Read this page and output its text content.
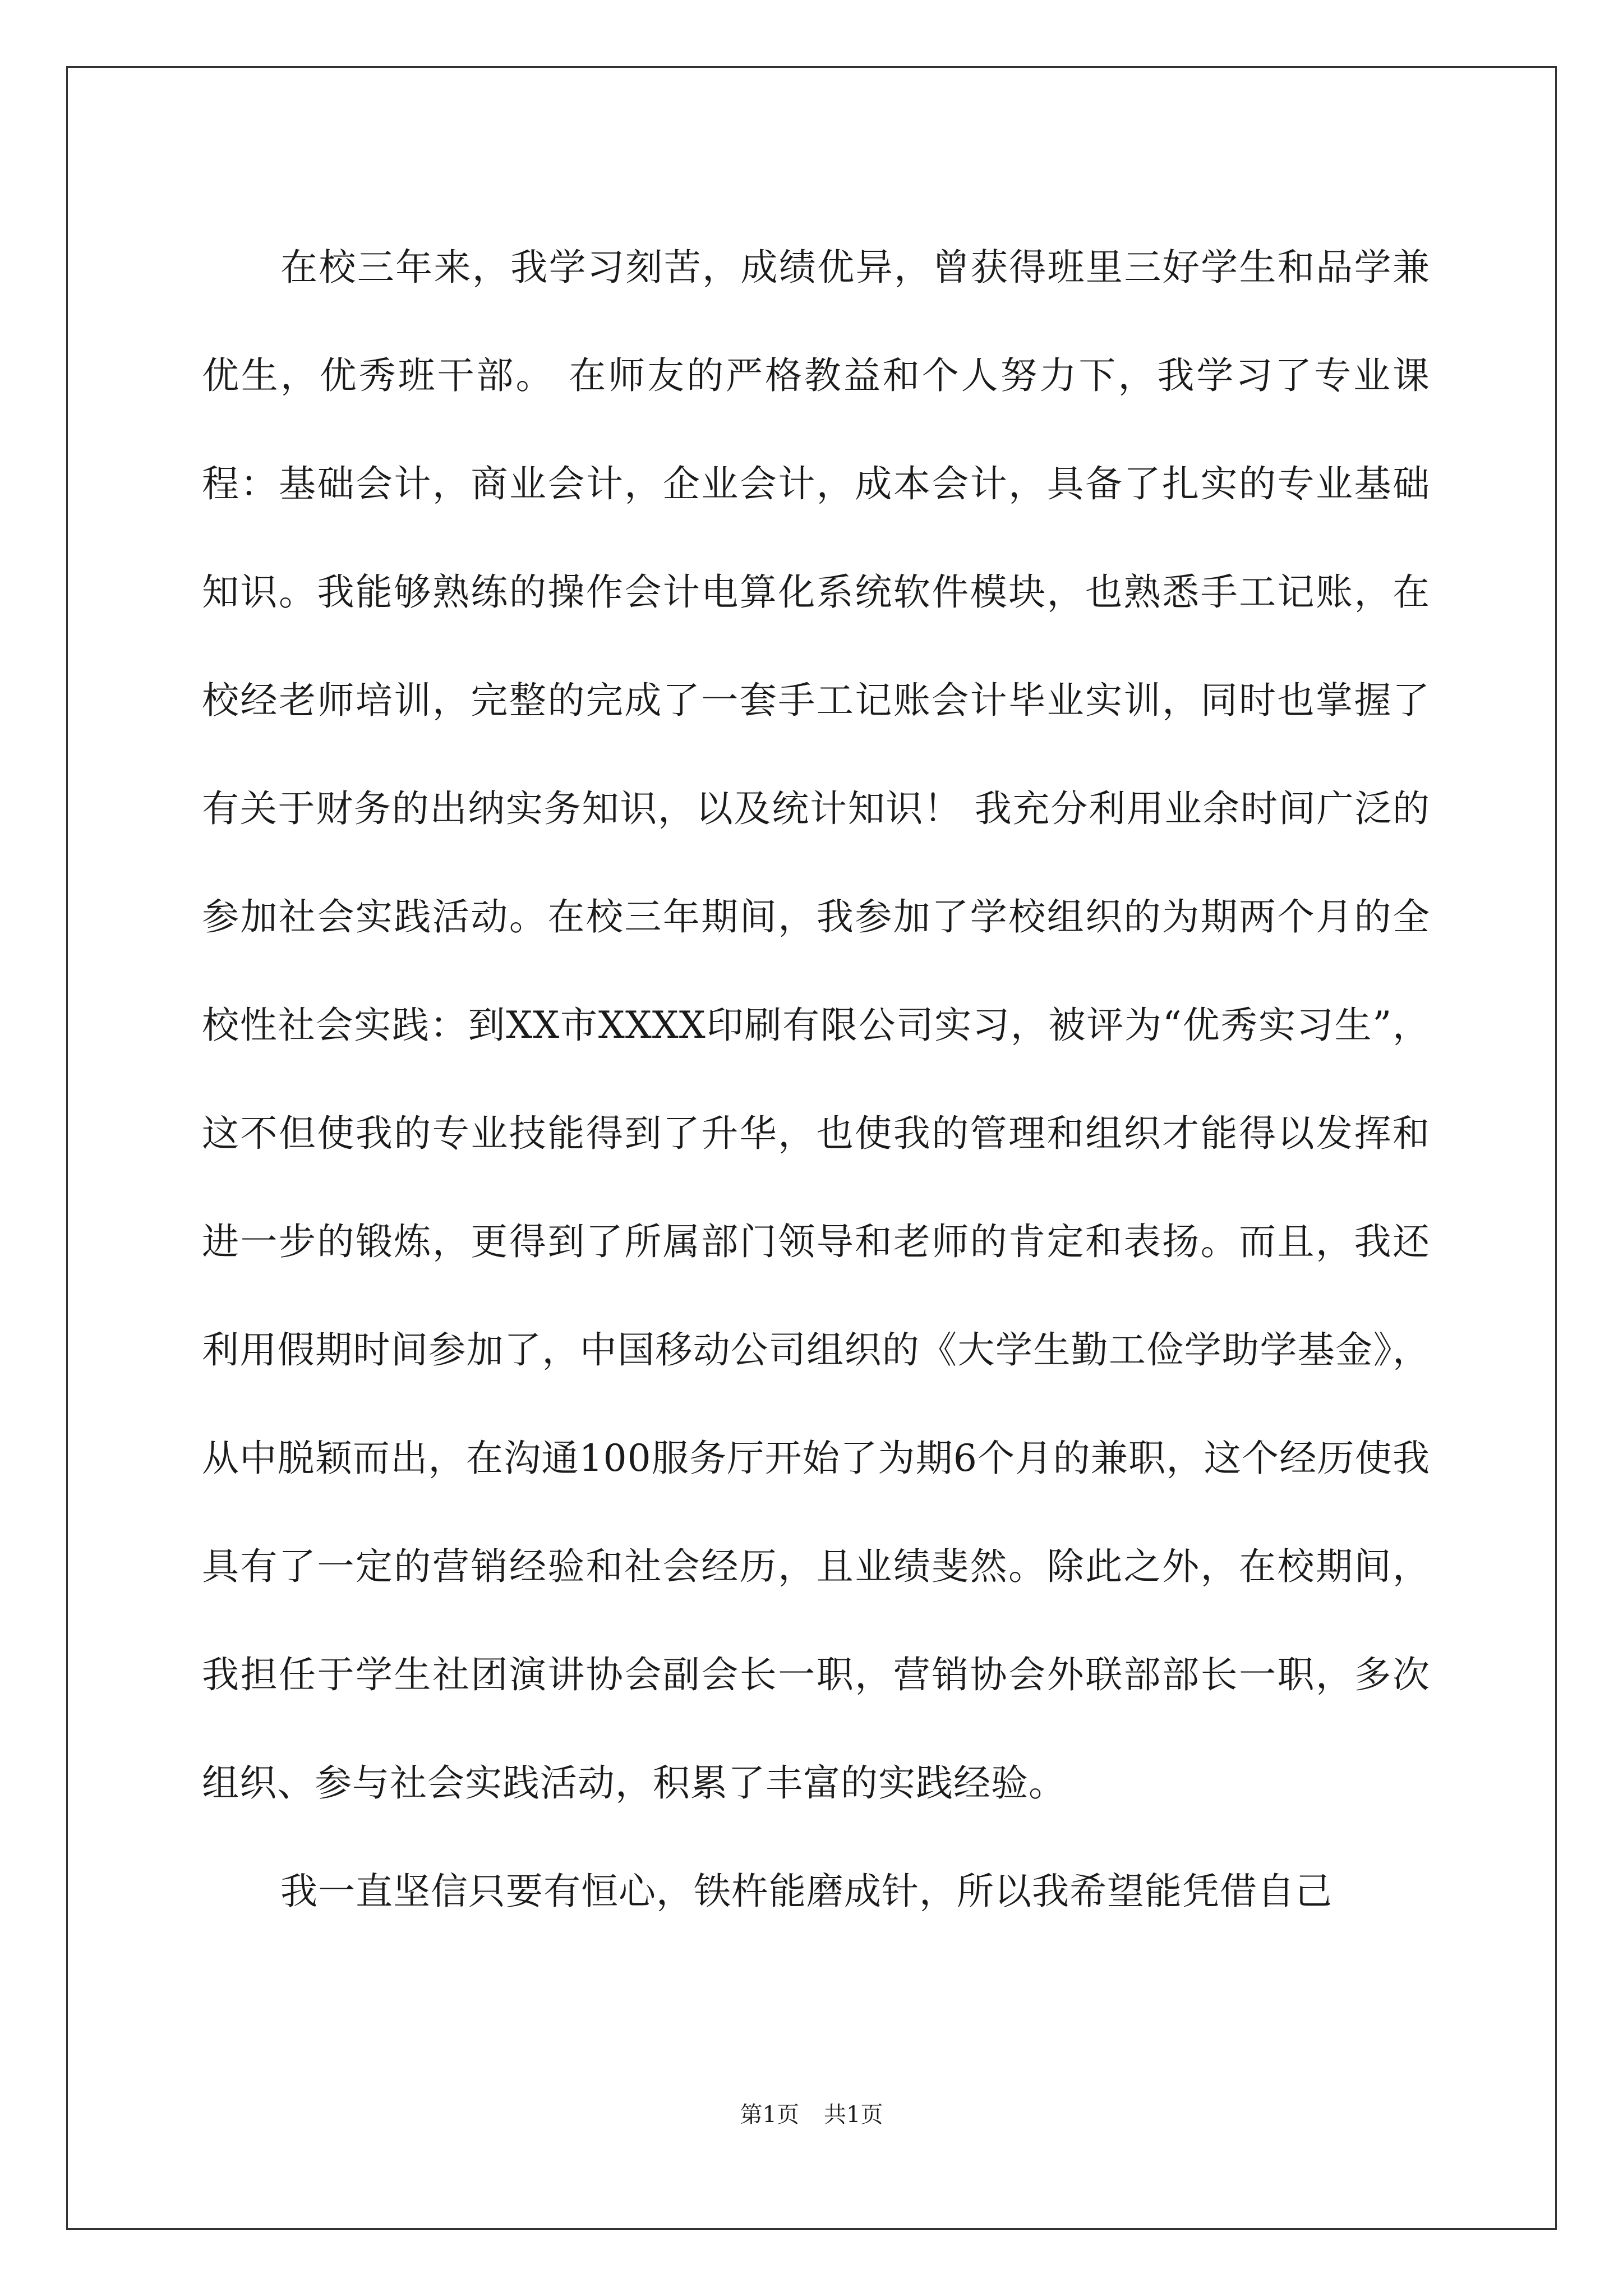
在校三年来，我学习刻苦，成绩优异，曾获得班里三好学生和品学兼优生，优秀班干部。 在师友的严格教益和个人努力下，我学习了专业课程：基础会计，商业会计，企业会计，成本会计，具备了扎实的专业基础知识。我能够熟练的操作会计电算化系统软件模块，也熟悉手工记账，在校经老师培训，完整的完成了一套手工记账会计毕业实训，同时也掌握了有关于财务的出纳实务知识，以及统计知识！ 我充分利用业余时间广泛的参加社会实践活动。在校三年期间，我参加了学校组织的为期两个月的全校性社会实践：到XX市XXXX印刷有限公司实习，被评为“优秀实习生”，这不但使我的专业技能得到了升华，也使我的管理和组织才能得以发挥和进一步的锻炼，更得到了所属部门领导和老师的肯定和表扬。而且，我还利用假期时间参加了，中国移动公司组织的《大学生勤工俭学助学基金》，从中脱颖而出，在沟通100服务厅开始了为期6个月的兼职，这个经历使我具有了一定的营销经验和社会经历，且业绩斐然。除此之外，在校期间，我担任于学生社团演讲协会副会长一职，营销协会外联部部长一职，多次组织、参与社会实践活动，积累了丰富的实践经验。

我一直坚信只要有恒心，铁杵能磨成针，所以我希望能凭借自己

第1页 共1页
